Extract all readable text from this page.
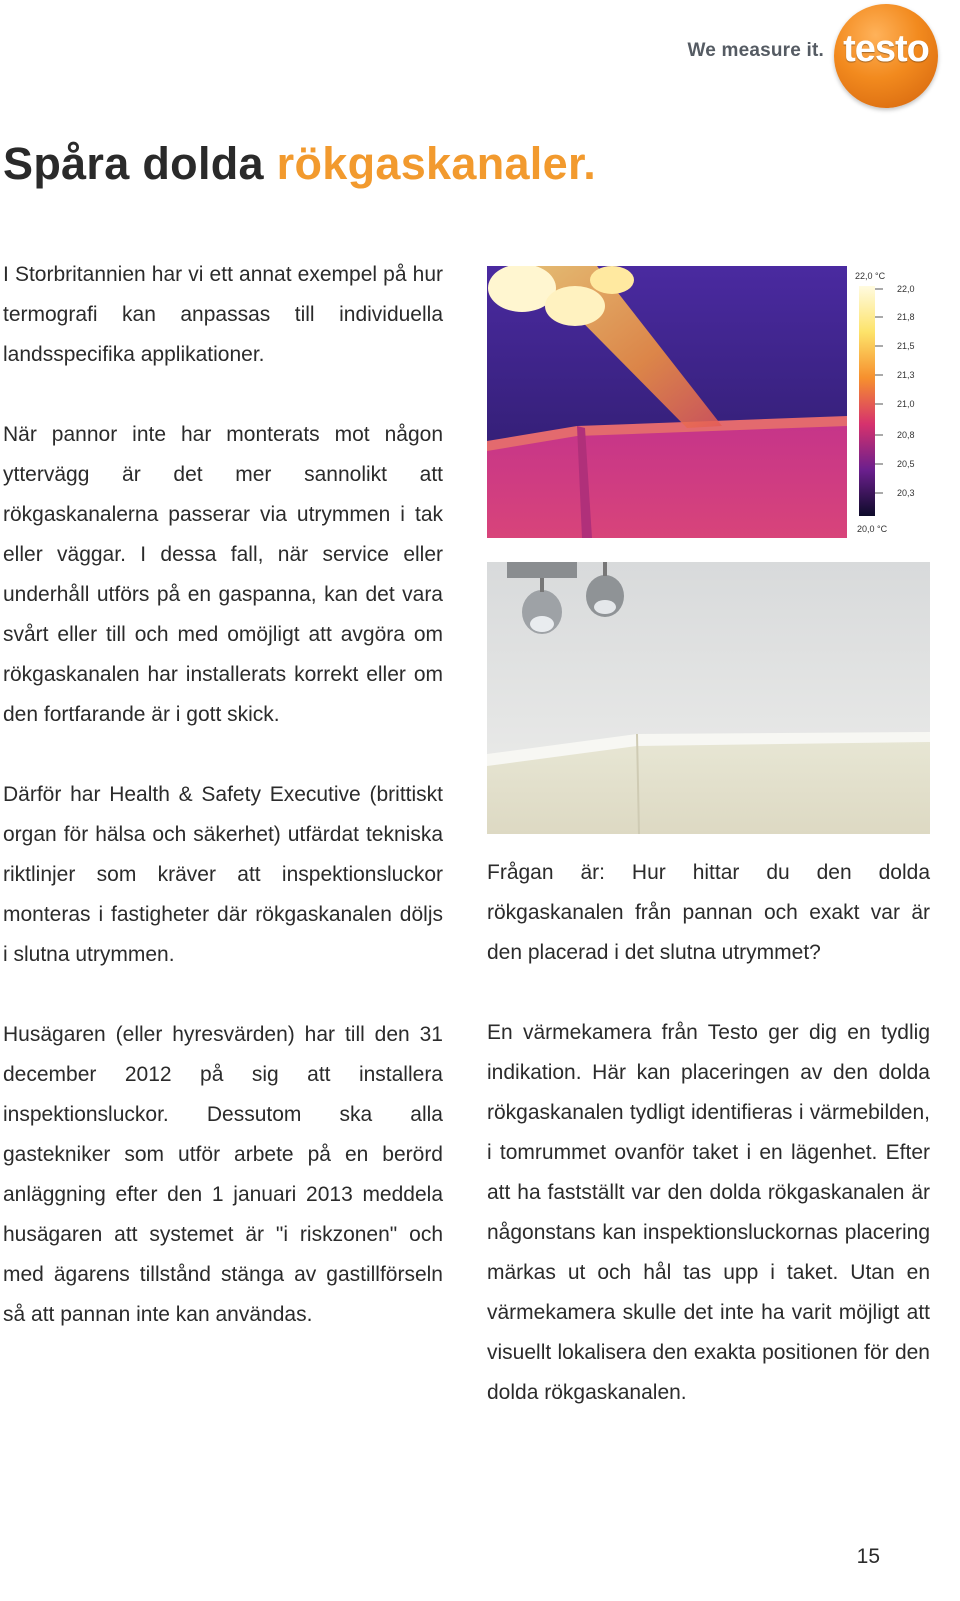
We measure it. testo
Spåra dolda rökgaskanaler.

I Storbritannien har vi ett annat exempel på hur termografi kan anpassas till individuella landsspecifika applikationer.

När pannor inte har monterats mot någon yttervägg är det mer sannolikt att rökgaskanalerna passerar via utrymmen i tak eller väggar. I dessa fall, när service eller underhåll utförs på en gaspanna, kan det vara svårt eller till och med omöjligt att avgöra om rökgaskanalen har installerats korrekt eller om den fortfarande är i gott skick.

Därför har Health & Safety Executive (brittiskt organ för hälsa och säkerhet) utfärdat tekniska riktlinjer som kräver att inspektionsluckor monteras i fastigheter där rökgaskanalen döljs i slutna utrymmen.

Husägaren (eller hyresvärden) har till den 31 december 2012 på sig att installera inspektionsluckor. Dessutom ska alla gastekniker som utför arbete på en berörd anläggning efter den 1 januari 2013 meddela husägaren att systemet är "i riskzonen" och med ägarens tillstånd stänga av gastillförseln så att pannan inte kan användas.

22,0 °C
20,0 °C
22,0
21,8
21,5
21,3
21,0
20,8
20,5
20,3

Frågan är: Hur hittar du den dolda rökgaskanalen från pannan och exakt var är den placerad i det slutna utrymmet?

En värmekamera från Testo ger dig en tydlig indikation. Här kan placeringen av den dolda rökgaskanalen tydligt identifieras i värmebilden, i tomrummet ovanför taket i en lägenhet. Efter att ha fastställt var den dolda rökgaskanalen är någonstans kan inspektionsluckornas placering märkas ut och hål tas upp i taket. Utan en värmekamera skulle det inte ha varit möjligt att visuellt lokalisera den exakta positionen för den dolda rökgaskanalen.

15
